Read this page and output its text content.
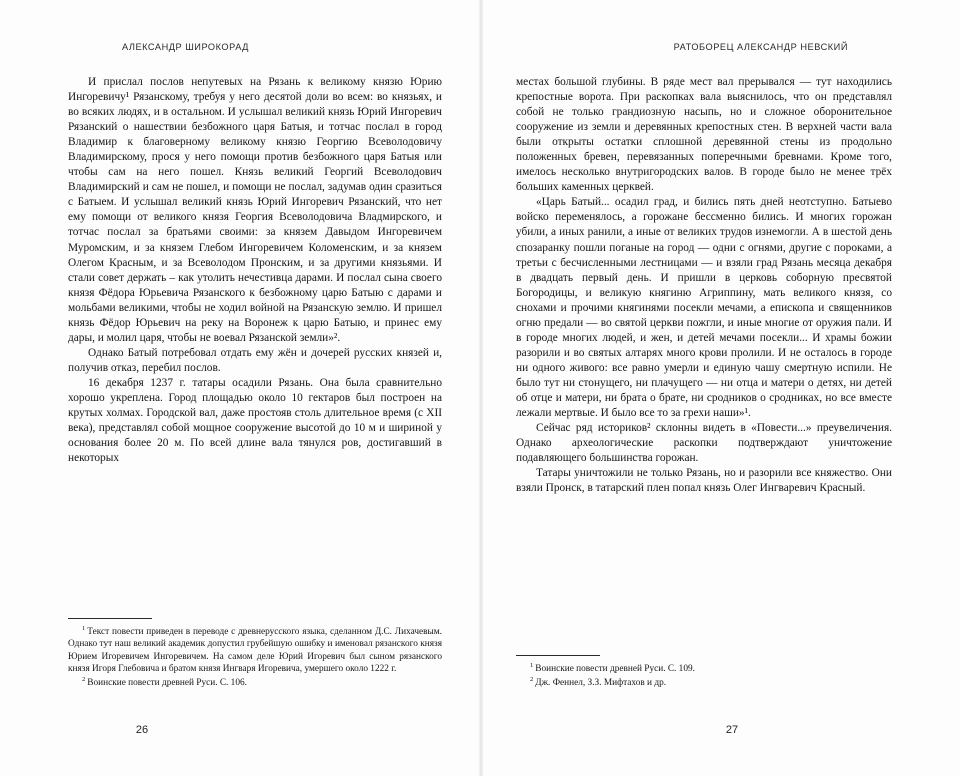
АЛЕКСАНДР ШИРОКОРАД

И прислал послов непутевых на Рязань к великому князю Юрию Ингоревичу¹ Рязанскому, требуя у него десятой доли во всем: во князьях, и во всяких людях, и в остальном. И услышал великий князь Юрий Ингоревич Рязанский о нашествии безбожного царя Батыя, и тотчас послал в город Владимир к благоверному великому князю Георгию Всеволодовичу Владимирскому, прося у него помощи против безбожного царя Батыя или чтобы сам на него пошел. Князь великий Георгий Всеволодович Владимирский и сам не пошел, и помощи не послал, задумав один сразиться с Батыем. И услышал великий князь Юрий Ингоревич Рязанский, что нет ему помощи от великого князя Георгия Всеволодовича Владмирского, и тотчас послал за братьями своими: за князем Давыдом Ингоревичем Муромским, и за князем Глебом Ингоревичем Коломенским, и за князем Олегом Красным, и за Всеволодом Пронским, и за другими князьями. И стали совет держать – как утолить нечестивца дарами. И послал сына своего князя Фёдора Юрьевича Рязанского к безбожному царю Батыю с дарами и мольбами великими, чтобы не ходил войной на Рязанскую землю. И пришел князь Фёдор Юрьевич на реку на Воронеж к царю Батыю, и принес ему дары, и молил царя, чтобы не воевал Рязанской земли»².

Однако Батый потребовал отдать ему жён и дочерей русских князей и, получив отказ, перебил послов.

16 декабря 1237 г. татары осадили Рязань. Она была сравнительно хорошо укреплена. Город площадью около 10 гектаров был построен на крутых холмах. Городской вал, даже простояв столь длительное время (с XII века), представлял собой мощное сооружение высотой до 10 м и шириной у основания более 20 м. По всей длине вала тянулся ров, достигавший в некоторых

$^1$ Текст повести приведен в переводе с древнерусского языка, сделанном Д.С. Лихачевым. Однако тут наш великий академик допустил грубейшую ошибку и именовал рязанского князя Юрием Игоревичем Ингоревичем. На самом деле Юрий Игоревич был сыном рязанского князя Игоря Глебовича и братом князя Ингваря Игоревича, умершего около 1222 г.

$^2$ Воинские повести древней Руси. С. 106.

26
РАТОБОРЕЦ АЛЕКСАНДР НЕВСКИЙ

местах большой глубины. В ряде мест вал прерывался — тут находились крепостные ворота. При раскопках вала выяснилось, что он представлял собой не только грандиозную насыпь, но и сложное оборонительное сооружение из земли и деревянных крепостных стен. В верхней части вала были открыты остатки сплошной деревянной стены из продольно положенных бревен, перевязанных поперечными бревнами. Кроме того, имелось несколько внутригородских валов. В городе было не менее трёх больших каменных церквей.

«Царь Батый... осадил град, и бились пять дней неотступно. Батыево войско переменялось, а горожане бессменно бились. И многих горожан убили, а иных ранили, а иные от великих трудов изнемогли. А в шестой день спозаранку пошли поганые на город — одни с огнями, другие с пороками, а третьи с бесчисленными лестницами — и взяли град Рязань месяца декабря в двадцать первый день. И пришли в церковь соборную пресвятой Богородицы, и великую княгиню Агриппину, мать великого князя, со снохами и прочими княгинями посекли мечами, а епископа и священников огню предали — во святой церкви пожгли, и иные многие от оружия пали. И в городе многих людей, и жен, и детей мечами посекли... И храмы божии разорили и во святых алтарях много крови пролили. И не осталось в городе ни одного живого: все равно умерли и единую чашу смертную испили. Не было тут ни стонущего, ни плачущего — ни отца и матери о детях, ни детей об отце и матери, ни брата о брате, ни сродников о сродниках, но все вместе лежали мертвые. И было все то за грехи наши»¹.

Сейчас ряд историков² склонны видеть в «Повести...» преувеличения. Однако археологические раскопки подтверждают уничтожение подавляющего большинства горожан.

Татары уничтожили не только Рязань, но и разорили все княжество. Они взяли Пронск, в татарский плен попал князь Олег Ингваревич Красный.

$^1$ Воинские повести древней Руси. С. 109.

$^2$ Дж. Феннел, З.З. Мифтахов и др.

27
